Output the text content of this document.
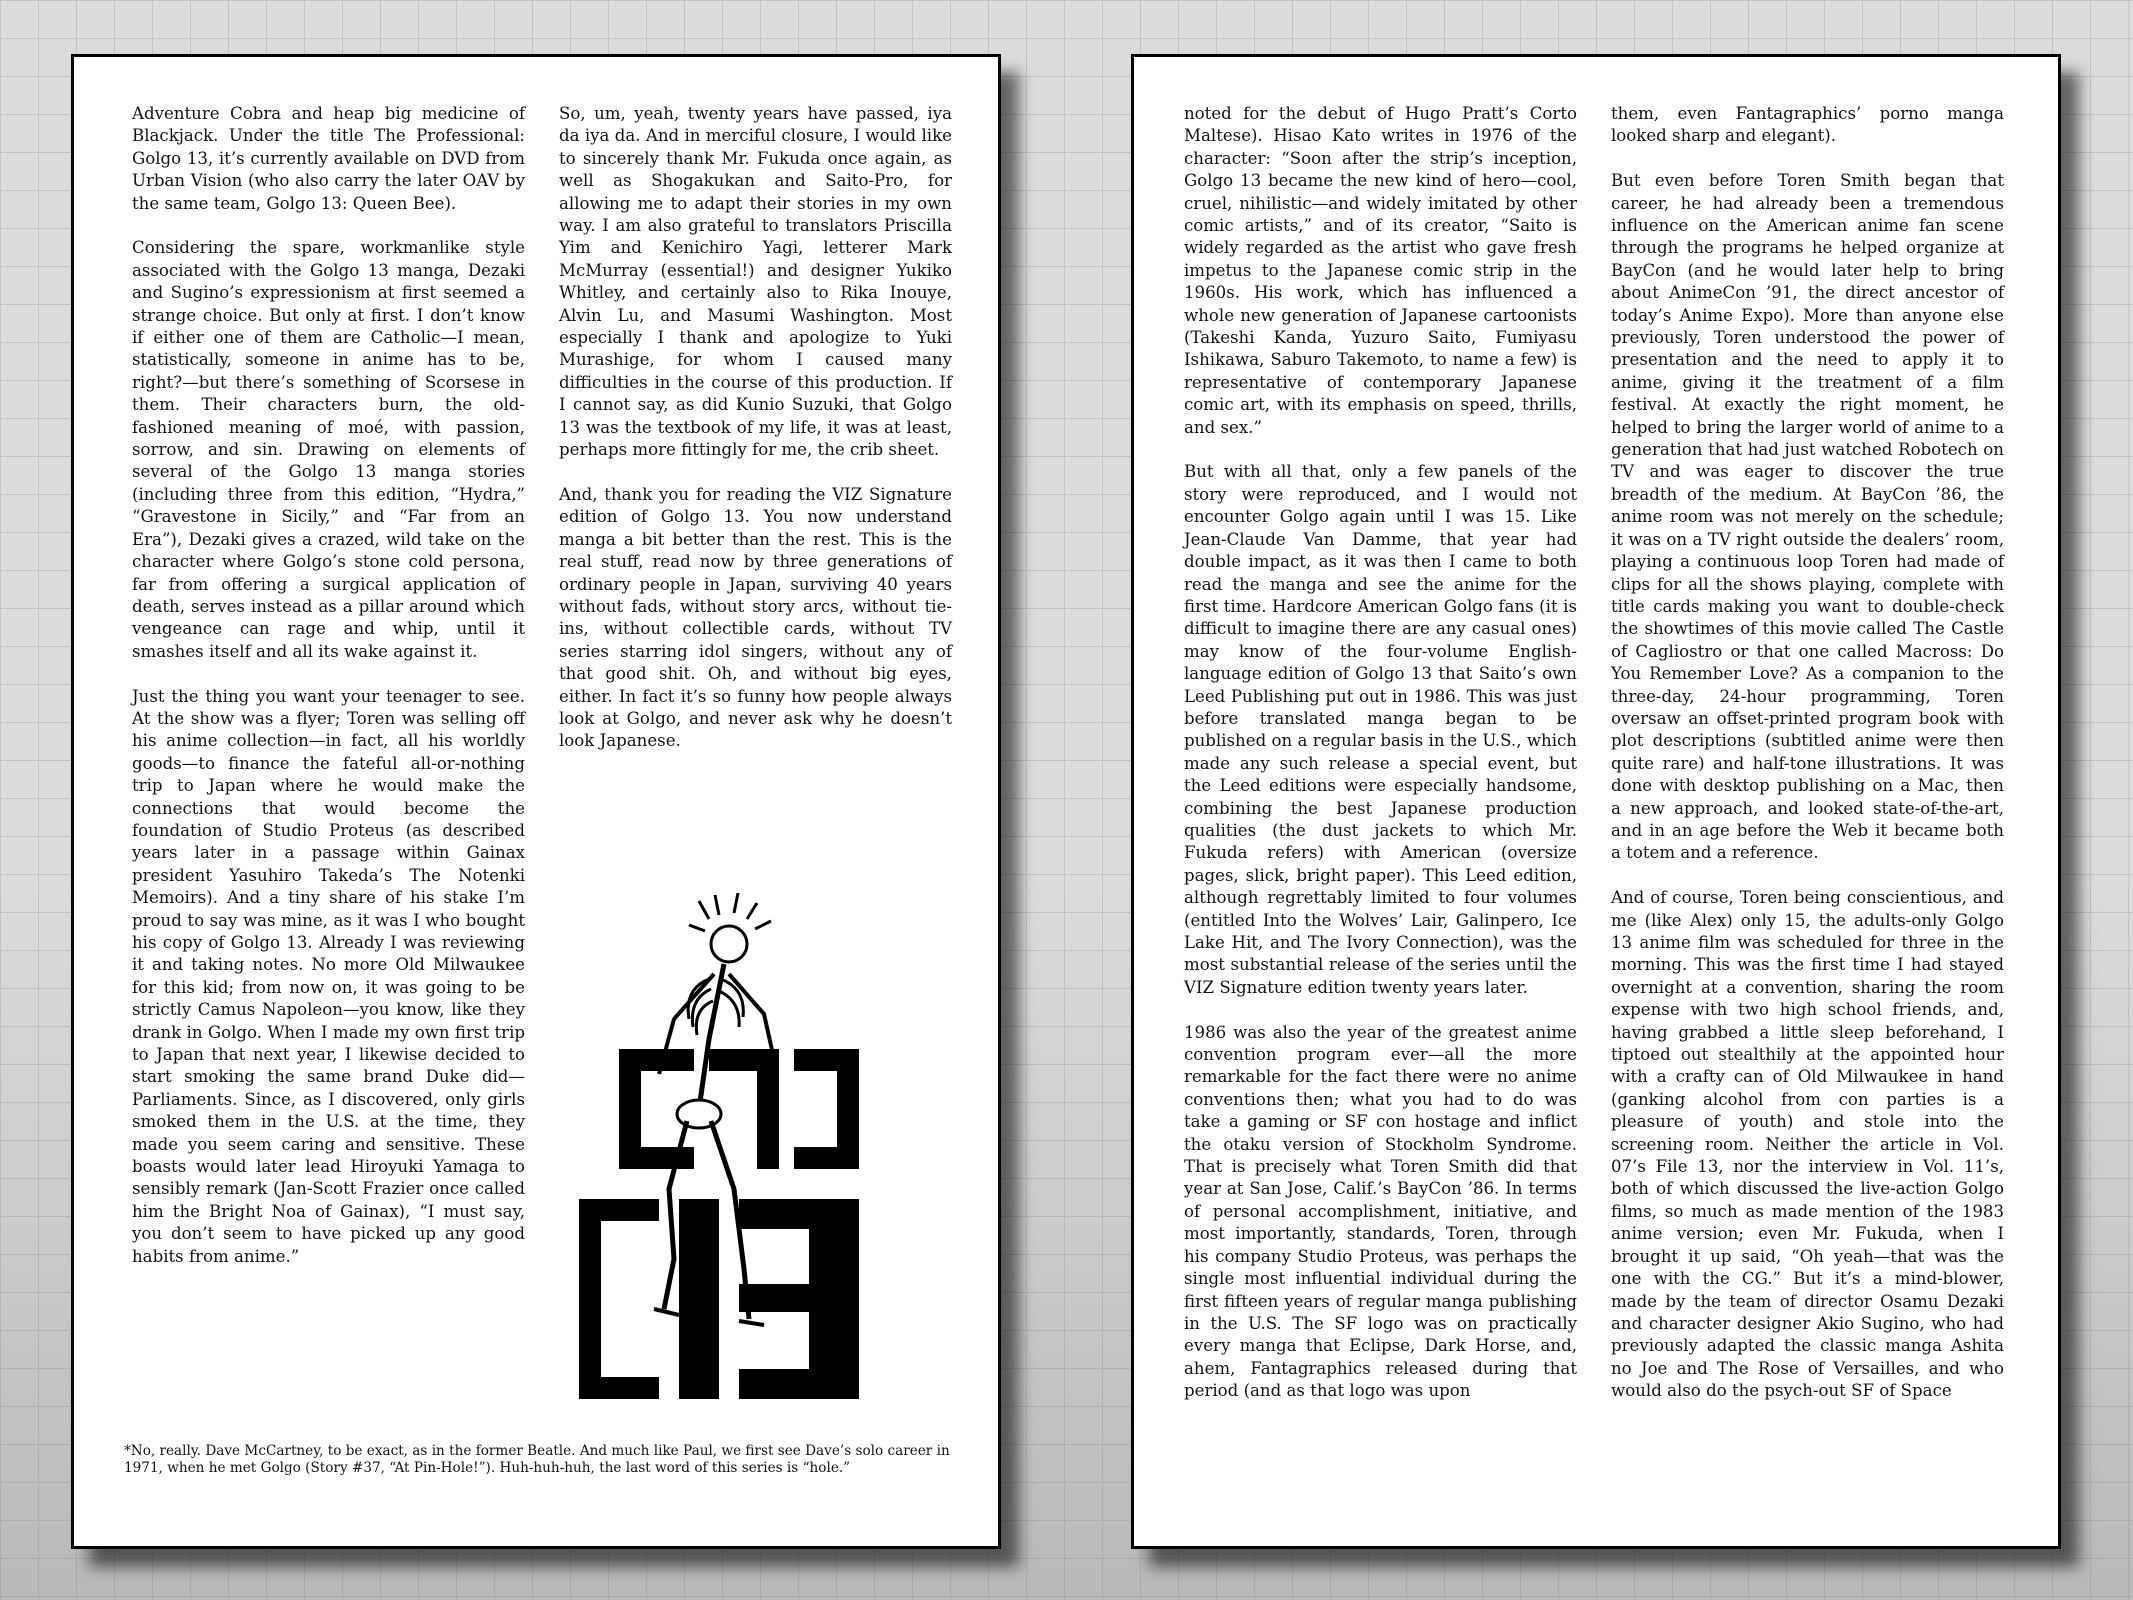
Adventure Cobra and heap big medicine of Blackjack. Under the title The Professional: Golgo 13, it’s currently available on DVD from Urban Vision (who also carry the later OAV by the same team, Golgo 13: Queen Bee).

Considering the spare, workmanlike style associated with the Golgo 13 manga, Dezaki and Sugino’s expressionism at first seemed a strange choice. But only at first. I don’t know if either one of them are Catholic—I mean, statistically, someone in anime has to be, right?—but there’s something of Scorsese in them. Their characters burn, the old-fashioned meaning of moé, with passion, sorrow, and sin. Drawing on elements of several of the Golgo 13 manga stories (including three from this edition, “Hydra,” “Gravestone in Sicily,” and “Far from an Era”), Dezaki gives a crazed, wild take on the character where Golgo’s stone cold persona, far from offering a surgical application of death, serves instead as a pillar around which vengeance can rage and whip, until it smashes itself and all its wake against it.

Just the thing you want your teenager to see. At the show was a flyer; Toren was selling off his anime collection—in fact, all his worldly goods—to finance the fateful all-or-nothing trip to Japan where he would make the connections that would become the foundation of Studio Proteus (as described years later in a passage within Gainax president Yasuhiro Takeda’s The Notenki Memoirs). And a tiny share of his stake I’m proud to say was mine, as it was I who bought his copy of Golgo 13. Already I was reviewing it and taking notes. No more Old Milwaukee for this kid; from now on, it was going to be strictly Camus Napoleon—you know, like they drank in Golgo. When I made my own first trip to Japan that next year, I likewise decided to start smoking the same brand Duke did—Parliaments. Since, as I discovered, only girls smoked them in the U.S. at the time, they made you seem caring and sensitive. These boasts would later lead Hiroyuki Yamaga to sensibly remark (Jan-Scott Frazier once called him the Bright Noa of Gainax), “I must say, you don’t seem to have picked up any good habits from anime.”

So, um, yeah, twenty years have passed, iya da iya da. And in merciful closure, I would like to sincerely thank Mr. Fukuda once again, as well as Shogakukan and Saito-Pro, for allowing me to adapt their stories in my own way. I am also grateful to translators Priscilla Yim and Kenichiro Yagi, letterer Mark McMurray (essential!) and designer Yukiko Whitley, and certainly also to Rika Inouye, Alvin Lu, and Masumi Washington. Most especially I thank and apologize to Yuki Murashige, for whom I caused many difficulties in the course of this production. If I cannot say, as did Kunio Suzuki, that Golgo 13 was the textbook of my life, it was at least, perhaps more fittingly for me, the crib sheet.

And, thank you for reading the VIZ Signature edition of Golgo 13. You now understand manga a bit better than the rest. This is the real stuff, read now by three generations of ordinary people in Japan, surviving 40 years without fads, without story arcs, without tie-ins, without collectible cards, without TV series starring idol singers, without any of that good shit. Oh, and without big eyes, either. In fact it’s so funny how people always look at Golgo, and never ask why he doesn’t look Japanese.

*No, really. Dave McCartney, to be exact, as in the former Beatle. And much like Paul, we first see Dave’s solo career in 1971, when he met Golgo (Story #37, “At Pin-Hole!”). Huh-huh-huh, the last word of this series is “hole.”

noted for the debut of Hugo Pratt’s Corto Maltese). Hisao Kato writes in 1976 of the character: “Soon after the strip’s inception, Golgo 13 became the new kind of hero—cool, cruel, nihilistic—and widely imitated by other comic artists,” and of its creator, “Saito is widely regarded as the artist who gave fresh impetus to the Japanese comic strip in the 1960s. His work, which has influenced a whole new generation of Japanese cartoonists (Takeshi Kanda, Yuzuro Saito, Fumiyasu Ishikawa, Saburo Takemoto, to name a few) is representative of contemporary Japanese comic art, with its emphasis on speed, thrills, and sex.”

But with all that, only a few panels of the story were reproduced, and I would not encounter Golgo again until I was 15. Like Jean-Claude Van Damme, that year had double impact, as it was then I came to both read the manga and see the anime for the first time. Hardcore American Golgo fans (it is difficult to imagine there are any casual ones) may know of the four-volume English-language edition of Golgo 13 that Saito’s own Leed Publishing put out in 1986. This was just before translated manga began to be published on a regular basis in the U.S., which made any such release a special event, but the Leed editions were especially handsome, combining the best Japanese production qualities (the dust jackets to which Mr. Fukuda refers) with American (oversize pages, slick, bright paper). This Leed edition, although regrettably limited to four volumes (entitled Into the Wolves’ Lair, Galinpero, Ice Lake Hit, and The Ivory Connection), was the most substantial release of the series until the VIZ Signature edition twenty years later.

1986 was also the year of the greatest anime convention program ever—all the more remarkable for the fact there were no anime conventions then; what you had to do was take a gaming or SF con hostage and inflict the otaku version of Stockholm Syndrome. That is precisely what Toren Smith did that year at San Jose, Calif.’s BayCon ’86. In terms of personal accomplishment, initiative, and most importantly, standards, Toren, through his company Studio Proteus, was perhaps the single most influential individual during the first fifteen years of regular manga publishing in the U.S. The SF logo was on practically every manga that Eclipse, Dark Horse, and, ahem, Fantagraphics released during that period (and as that logo was upon

them, even Fantagraphics’ porno manga looked sharp and elegant).

But even before Toren Smith began that career, he had already been a tremendous influence on the American anime fan scene through the programs he helped organize at BayCon (and he would later help to bring about AnimeCon ’91, the direct ancestor of today’s Anime Expo). More than anyone else previously, Toren understood the power of presentation and the need to apply it to anime, giving it the treatment of a film festival. At exactly the right moment, he helped to bring the larger world of anime to a generation that had just watched Robotech on TV and was eager to discover the true breadth of the medium. At BayCon ’86, the anime room was not merely on the schedule; it was on a TV right outside the dealers’ room, playing a continuous loop Toren had made of clips for all the shows playing, complete with title cards making you want to double-check the showtimes of this movie called The Castle of Cagliostro or that one called Macross: Do You Remember Love? As a companion to the three-day, 24-hour programming, Toren oversaw an offset-printed program book with plot descriptions (subtitled anime were then quite rare) and half-tone illustrations. It was done with desktop publishing on a Mac, then a new approach, and looked state-of-the-art, and in an age before the Web it became both a totem and a reference.

And of course, Toren being conscientious, and me (like Alex) only 15, the adults-only Golgo 13 anime film was scheduled for three in the morning. This was the first time I had stayed overnight at a convention, sharing the room expense with two high school friends, and, having grabbed a little sleep beforehand, I tiptoed out stealthily at the appointed hour with a crafty can of Old Milwaukee in hand (ganking alcohol from con parties is a pleasure of youth) and stole into the screening room. Neither the article in Vol. 07’s File 13, nor the interview in Vol. 11’s, both of which discussed the live-action Golgo films, so much as made mention of the 1983 anime version; even Mr. Fukuda, when I brought it up said, “Oh yeah—that was the one with the CG.” But it’s a mind-blower, made by the team of director Osamu Dezaki and character designer Akio Sugino, who had previously adapted the classic manga Ashita no Joe and The Rose of Versailles, and who would also do the psych-out SF of Space
